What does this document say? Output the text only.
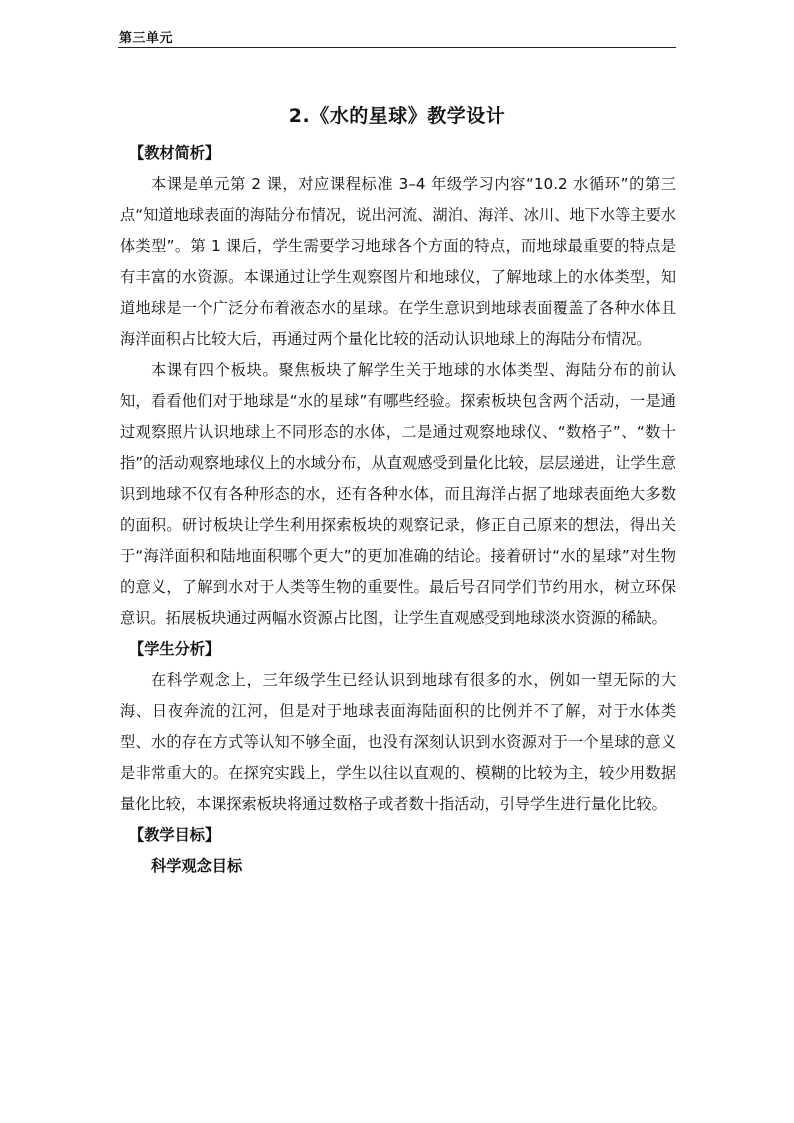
第三单元
2.《水的星球》教学设计

【教材简析】

本课是单元第 2 课，对应课程标准 3–4 年级学习内容“10.2 水循环”的第三点“知道地球表面的海陆分布情况，说出河流、湖泊、海洋、冰川、地下水等主要水体类型”。第 1 课后，学生需要学习地球各个方面的特点，而地球最重要的特点是有丰富的水资源。本课通过让学生观察图片和地球仪，了解地球上的水体类型，知道地球是一个广泛分布着液态水的星球。在学生意识到地球表面覆盖了各种水体且海洋面积占比较大后，再通过两个量化比较的活动认识地球上的海陆分布情况。

本课有四个板块。聚焦板块了解学生关于地球的水体类型、海陆分布的前认知，看看他们对于地球是“水的星球”有哪些经验。探索板块包含两个活动，一是通过观察照片认识地球上不同形态的水体，二是通过观察地球仪、“数格子”、“数十指”的活动观察地球仪上的水域分布，从直观感受到量化比较，层层递进，让学生意识到地球不仅有各种形态的水，还有各种水体，而且海洋占据了地球表面绝大多数的面积。研讨板块让学生利用探索板块的观察记录，修正自己原来的想法，得出关于“海洋面积和陆地面积哪个更大”的更加准确的结论。接着研讨“水的星球”对生物的意义，了解到水对于人类等生物的重要性。最后号召同学们节约用水，树立环保意识。拓展板块通过两幅水资源占比图，让学生直观感受到地球淡水资源的稀缺。

【学生分析】

在科学观念上，三年级学生已经认识到地球有很多的水，例如一望无际的大海、日夜奔流的江河，但是对于地球表面海陆面积的比例并不了解，对于水体类型、水的存在方式等认知不够全面，也没有深刻认识到水资源对于一个星球的意义是非常重大的。在探究实践上，学生以往以直观的、模糊的比较为主，较少用数据量化比较，本课探索板块将通过数格子或者数十指活动，引导学生进行量化比较。

【教学目标】

科学观念目标
